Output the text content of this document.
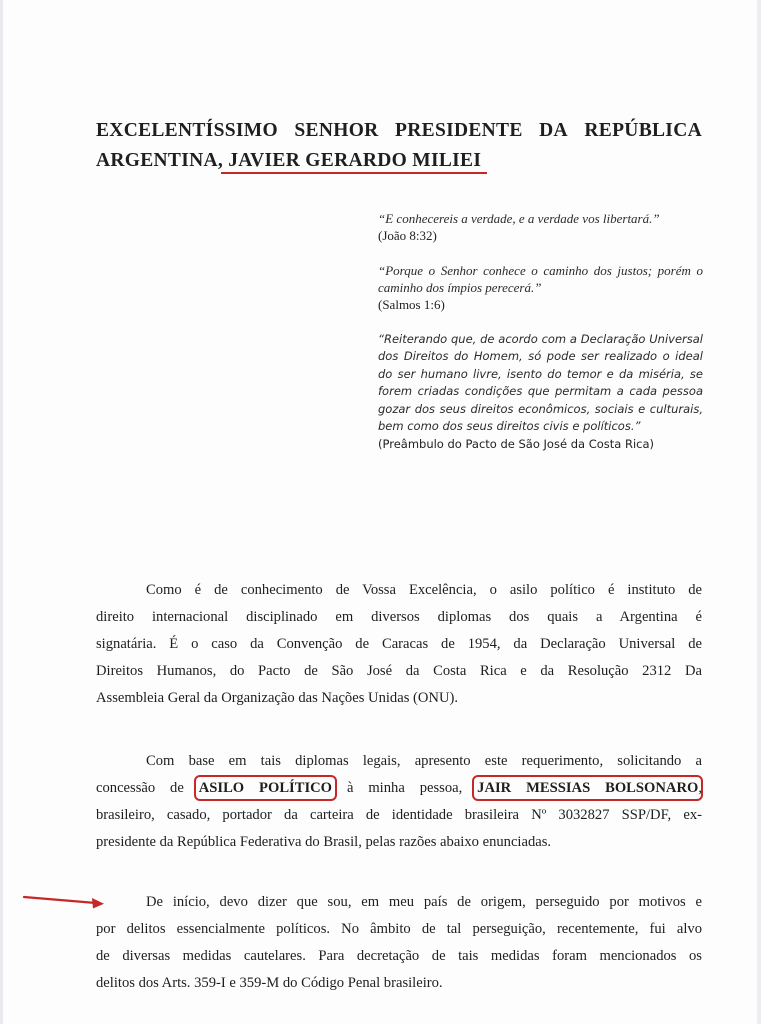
EXCELENTÍSSIMO SENHOR PRESIDENTE DA REPÚBLICA
ARGENTINA, JAVIER GERARDO MILIEI
“E conhecereis a verdade, e a verdade vos libertará.”
(João 8:32)
“Porque o Senhor conhece o caminho dos justos; porém o caminho dos ímpios perecerá.”
(Salmos 1:6)
“Reiterando que, de acordo com a Declaração Universal dos Direitos do Homem, só pode ser realizado o ideal do ser humano livre, isento do temor e da miséria, se forem criadas condições que permitam a cada pessoa gozar dos seus direitos econômicos, sociais e culturais, bem como dos seus direitos civis e políticos.”
(Preâmbulo do Pacto de São José da Costa Rica)
Como é de conhecimento de Vossa Excelência, o asilo político é instituto de
direito internacional disciplinado em diversos diplomas dos quais a Argentina é
signatária. É o caso da Convenção de Caracas de 1954, da Declaração Universal de
Direitos Humanos, do Pacto de São José da Costa Rica e da Resolução 2312 Da
Assembleia Geral da Organização das Nações Unidas (ONU).
Com base em tais diplomas legais, apresento este requerimento, solicitando a
concessão de ASILO POLÍTICO à minha pessoa, JAIR MESSIAS BOLSONARO,
brasileiro, casado, portador da carteira de identidade brasileira Nº 3032827 SSP/DF, ex-
presidente da República Federativa do Brasil, pelas razões abaixo enunciadas.
De início, devo dizer que sou, em meu país de origem, perseguido por motivos e
por delitos essencialmente políticos. No âmbito de tal perseguição, recentemente, fui alvo
de diversas medidas cautelares. Para decretação de tais medidas foram mencionados os
delitos dos Arts. 359-I e 359-M do Código Penal brasileiro.
